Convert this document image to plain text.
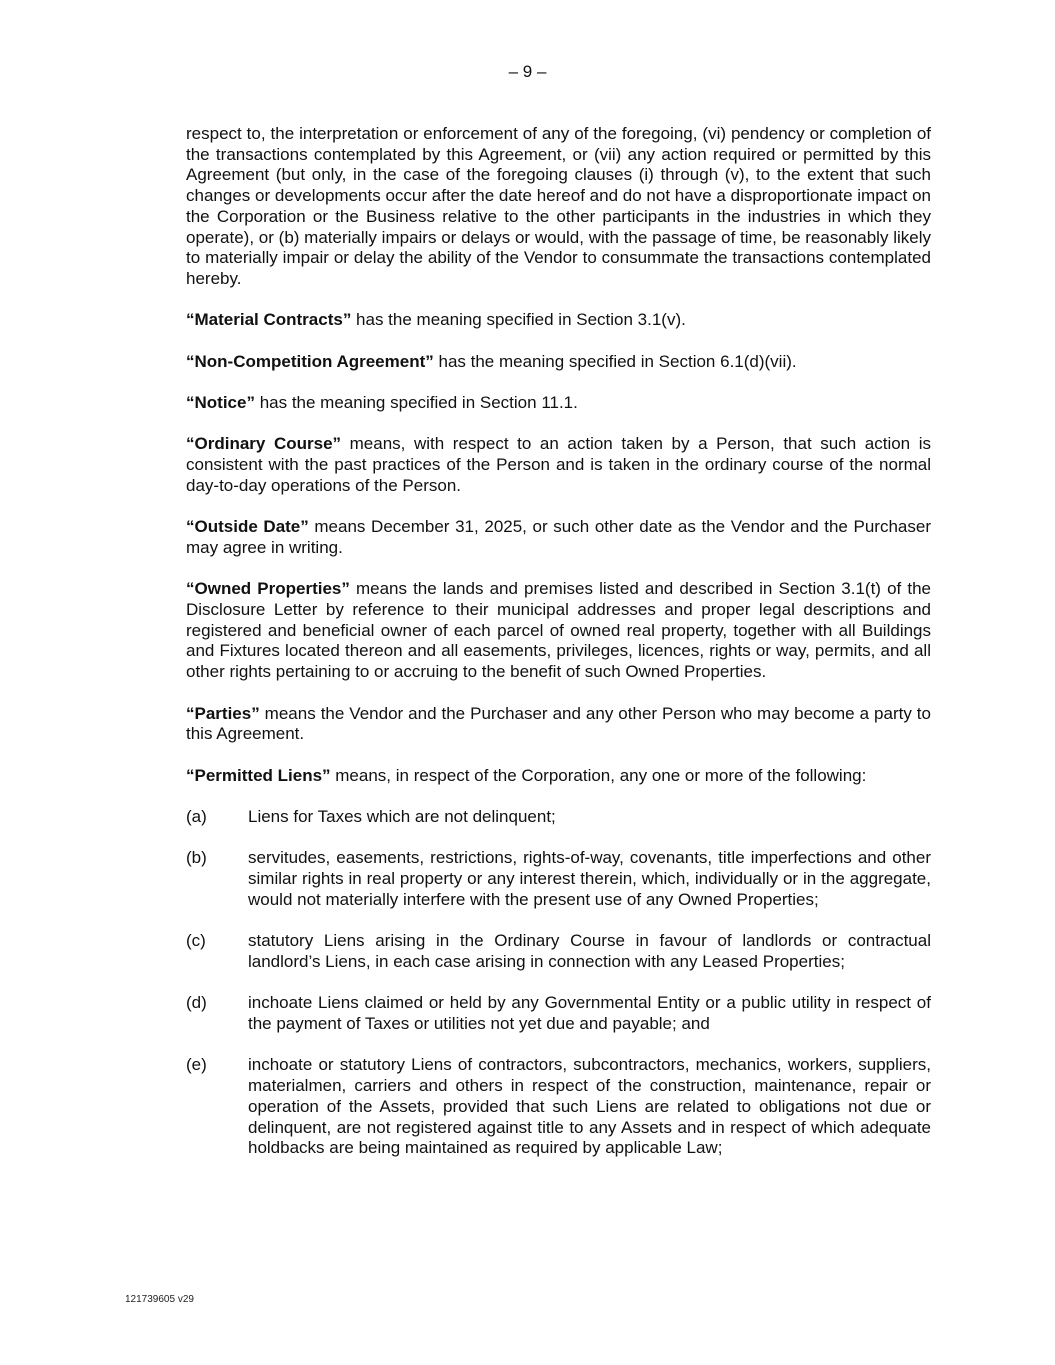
– 9 –

respect to, the interpretation or enforcement of any of the foregoing, (vi) pendency or completion of the transactions contemplated by this Agreement, or (vii) any action required or permitted by this Agreement (but only, in the case of the foregoing clauses (i) through (v), to the extent that such changes or developments occur after the date hereof and do not have a disproportionate impact on the Corporation or the Business relative to the other participants in the industries in which they operate), or (b) materially impairs or delays or would, with the passage of time, be reasonably likely to materially impair or delay the ability of the Vendor to consummate the transactions contemplated hereby.

“Material Contracts” has the meaning specified in Section 3.1(v).

“Non-Competition Agreement” has the meaning specified in Section 6.1(d)(vii).

“Notice” has the meaning specified in Section 11.1.

“Ordinary Course” means, with respect to an action taken by a Person, that such action is consistent with the past practices of the Person and is taken in the ordinary course of the normal day-to-day operations of the Person.

“Outside Date” means December 31, 2025, or such other date as the Vendor and the Purchaser may agree in writing.

“Owned Properties” means the lands and premises listed and described in Section 3.1(t) of the Disclosure Letter by reference to their municipal addresses and proper legal descriptions and registered and beneficial owner of each parcel of owned real property, together with all Buildings and Fixtures located thereon and all easements, privileges, licences, rights or way, permits, and all other rights pertaining to or accruing to the benefit of such Owned Properties.

“Parties” means the Vendor and the Purchaser and any other Person who may become a party to this Agreement.

“Permitted Liens” means, in respect of the Corporation, any one or more of the following:

(a)	Liens for Taxes which are not delinquent;
(b)	servitudes, easements, restrictions, rights-of-way, covenants, title imperfections and other similar rights in real property or any interest therein, which, individually or in the aggregate, would not materially interfere with the present use of any Owned Properties;
(c)	statutory Liens arising in the Ordinary Course in favour of landlords or contractual landlord’s Liens, in each case arising in connection with any Leased Properties;
(d)	inchoate Liens claimed or held by any Governmental Entity or a public utility in respect of the payment of Taxes or utilities not yet due and payable; and
(e)	inchoate or statutory Liens of contractors, subcontractors, mechanics, workers, suppliers, materialmen, carriers and others in respect of the construction, maintenance, repair or operation of the Assets, provided that such Liens are related to obligations not due or delinquent, are not registered against title to any Assets and in respect of which adequate holdbacks are being maintained as required by applicable Law;
121739605 v29
